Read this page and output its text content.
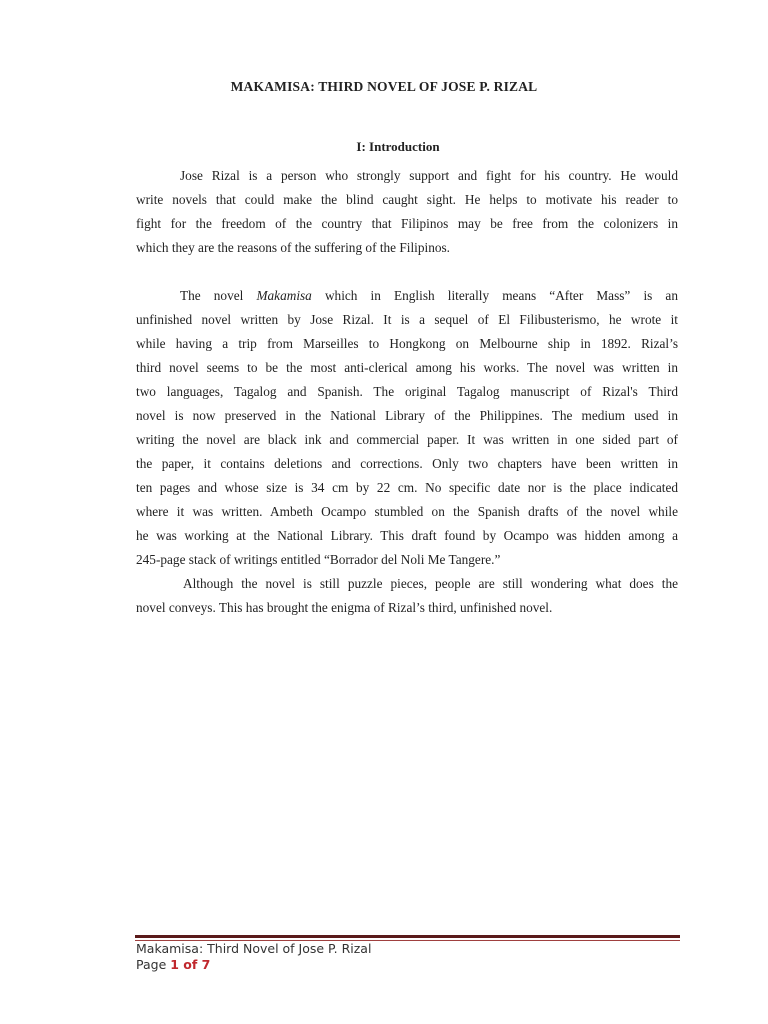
MAKAMISA: THIRD NOVEL OF JOSE P. RIZAL
I: Introduction
Jose Rizal is a person who strongly support and fight for his country. He would
write novels that could make the blind caught sight. He helps to motivate his reader to
fight for the freedom of the country that Filipinos may be free from the colonizers in
which they are the reasons of the suffering of the Filipinos.
The novel Makamisa which in English literally means “After Mass” is an
unfinished novel written by Jose Rizal. It is a sequel of El Filibusterismo, he wrote it
while having a trip from Marseilles to Hongkong on Melbourne ship in 1892. Rizal’s
third novel seems to be the most anti-clerical among his works. The novel was written in
two languages, Tagalog and Spanish. The original Tagalog manuscript of Rizal's Third
novel is now preserved in the National Library of the Philippines. The medium used in
writing the novel are black ink and commercial paper. It was written in one sided part of
the paper, it contains deletions and corrections. Only two chapters have been written in
ten pages and whose size is 34 cm by 22 cm. No specific date nor is the place indicated
where it was written. Ambeth Ocampo stumbled on the Spanish drafts of the novel while
he was working at the National Library. This draft found by Ocampo was hidden among a
245-page stack of writings entitled “Borrador del Noli Me Tangere.”
Although the novel is still puzzle pieces, people are still wondering what does the
novel conveys. This has brought the enigma of Rizal’s third, unfinished novel.
Makamisa: Third Novel of Jose P. Rizal
Page 1 of 7
